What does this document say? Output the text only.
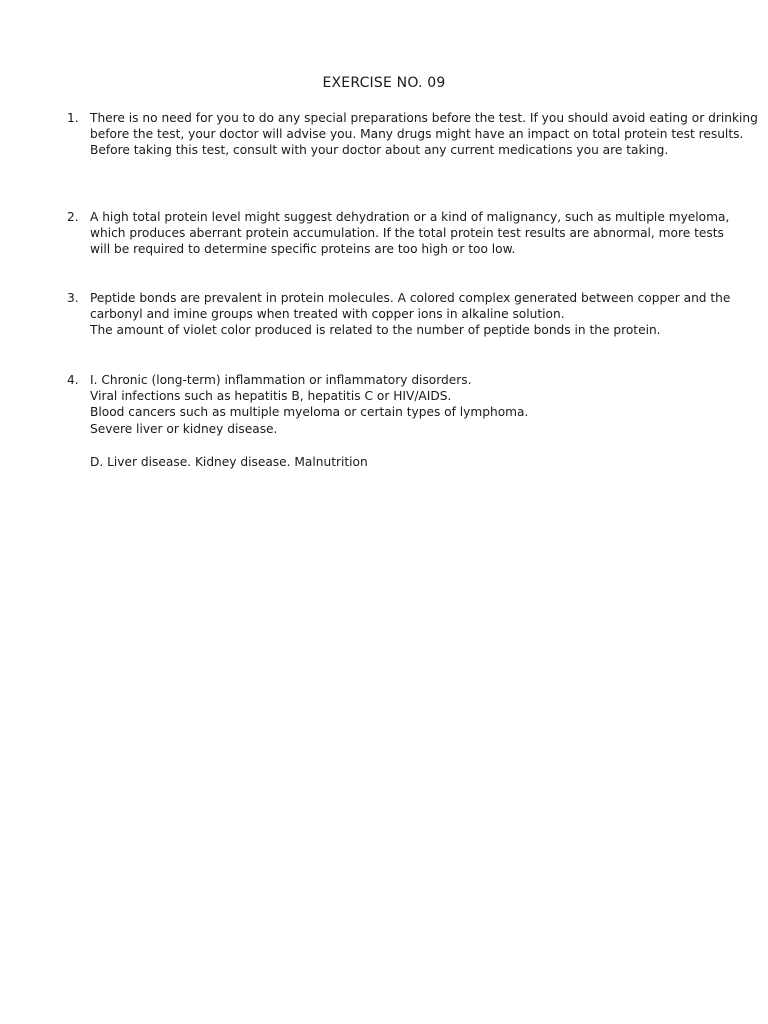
EXERCISE NO. 09
1. There is no need for you to do any special preparations before the test. If you should avoid eating or drinking
before the test, your doctor will advise you. Many drugs might have an impact on total protein test results.
Before taking this test, consult with your doctor about any current medications you are taking.
2. A high total protein level might suggest dehydration or a kind of malignancy, such as multiple myeloma,
which produces aberrant protein accumulation. If the total protein test results are abnormal, more tests
will be required to determine specific proteins are too high or too low.
3. Peptide bonds are prevalent in protein molecules. A colored complex generated between copper and the
carbonyl and imine groups when treated with copper ions in alkaline solution.
The amount of violet color produced is related to the number of peptide bonds in the protein.
4. I. Chronic (long-term) inflammation or inflammatory disorders.
Viral infections such as hepatitis B, hepatitis C or HIV/AIDS.
Blood cancers such as multiple myeloma or certain types of lymphoma.
Severe liver or kidney disease.
D. Liver disease. Kidney disease. Malnutrition
